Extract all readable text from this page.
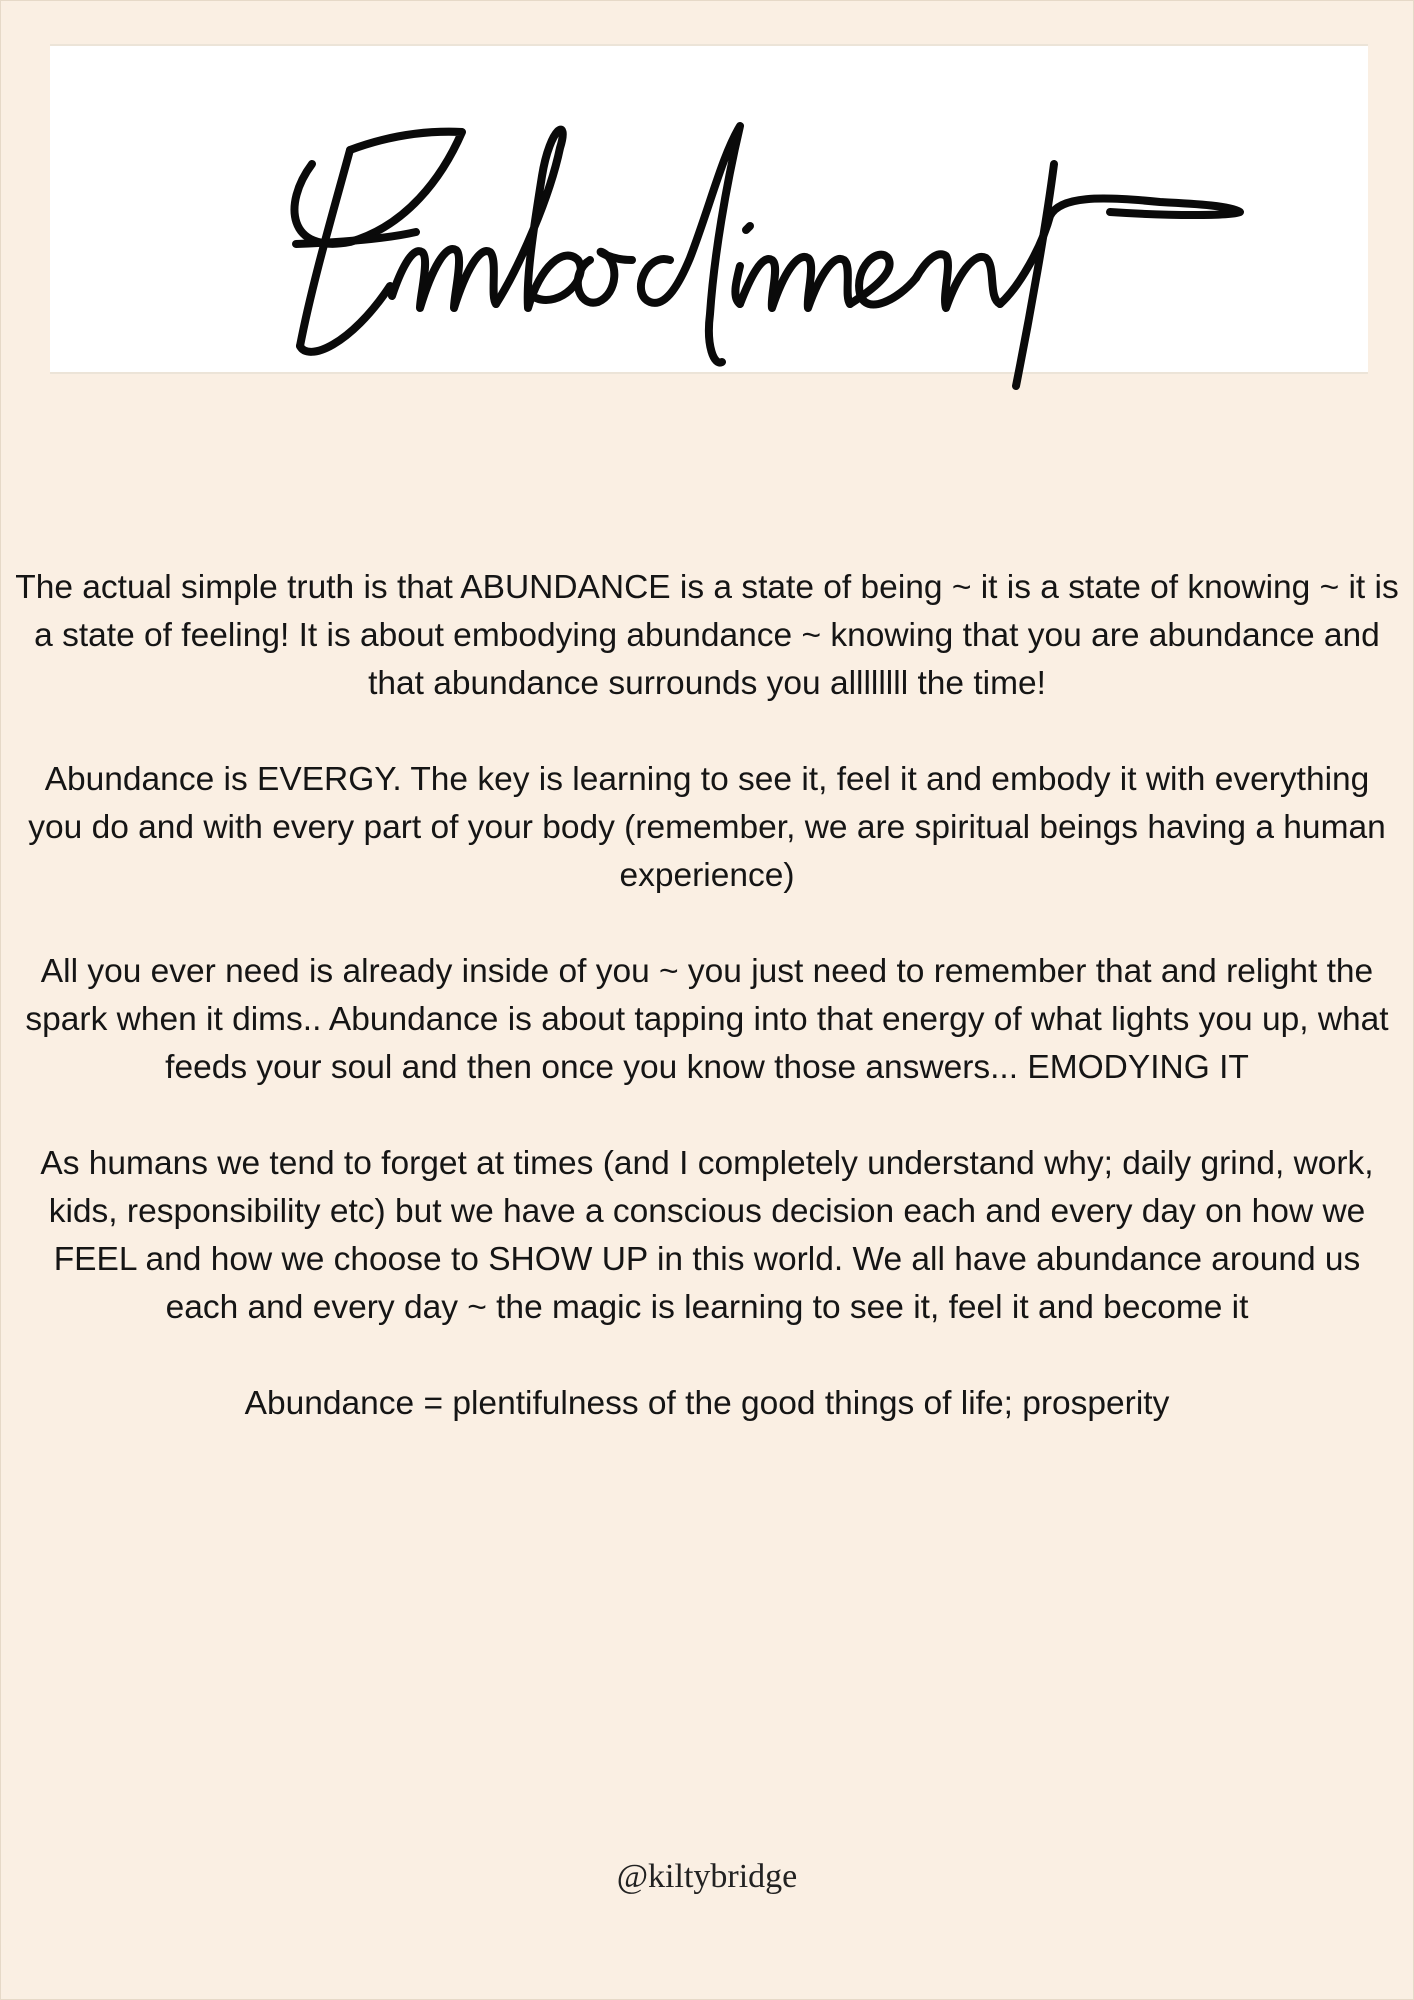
The actual simple truth is that ABUNDANCE is a state of being ~ it is a state of knowing ~ it is a state of feeling! It is about embodying abundance ~ knowing that you are abundance and that abundance surrounds you allllllll the time!

Abundance is EVERGY. The key is learning to see it, feel it and embody it with everything you do and with every part of your body (remember, we are spiritual beings having a human experience)

All you ever need is already inside of you ~ you just need to remember that and relight the spark when it dims.. Abundance is about tapping into that energy of what lights you up, what feeds your soul and then once you know those answers... EMODYING IT

As humans we tend to forget at times (and I completely understand why; daily grind, work, kids, responsibility etc) but we have a conscious decision each and every day on how we FEEL and how we choose to SHOW UP in this world. We all have abundance around us each and every day ~ the magic is learning to see it, feel it and become it

Abundance = plentifulness of the good things of life; prosperity

@kiltybridge
